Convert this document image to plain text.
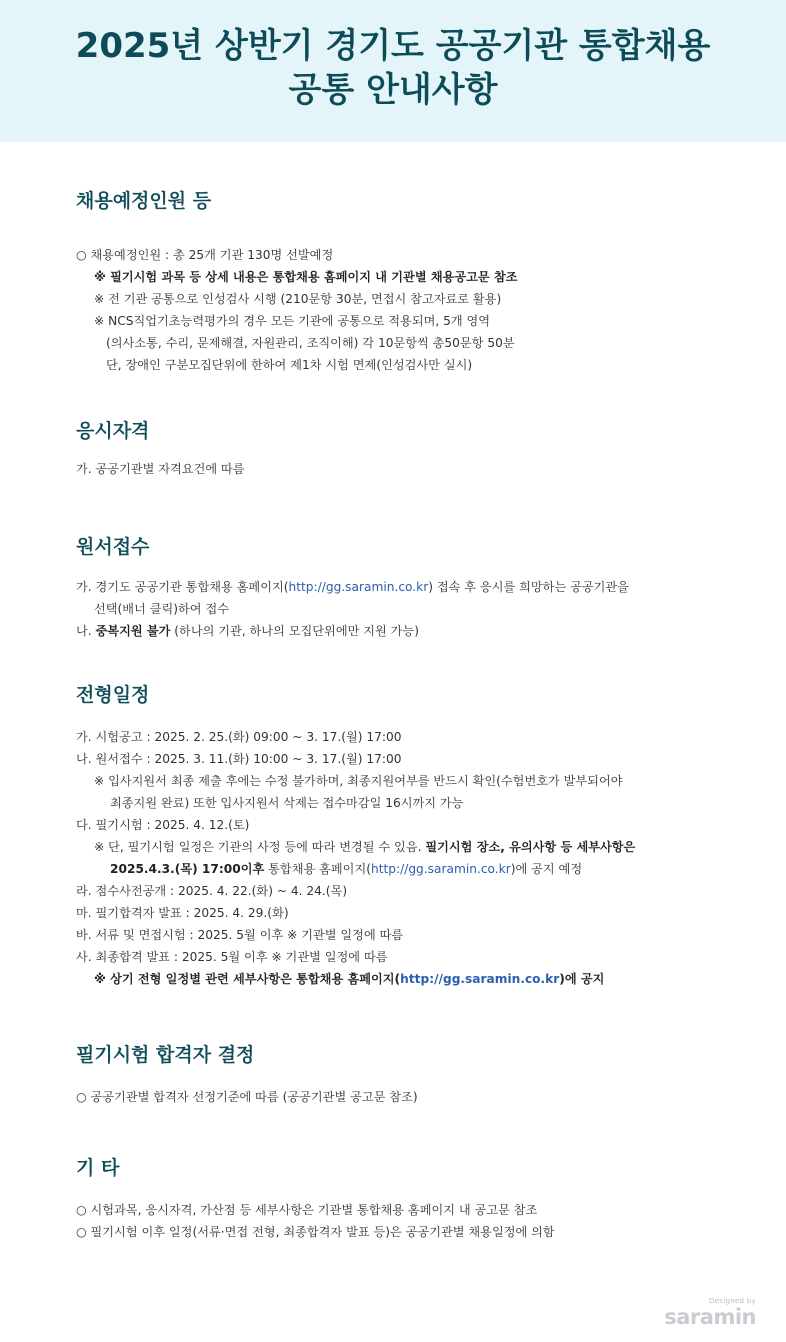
2025년 상반기 경기도 공공기관 통합채용
공통 안내사항
채용예정인원 등
○ 채용예정인원 : 총 25개 기관 130명 선발예정
※ 필기시험 과목 등 상세 내용은 통합채용 홈페이지 내 기관별 채용공고문 참조
※ 전 기관 공통으로 인성검사 시행 (210문항 30분, 면접시 참고자료로 활용)
※ NCS직업기초능력평가의 경우 모든 기관에 공통으로 적용되며, 5개 영역
(의사소통, 수리, 문제해결, 자원관리, 조직이해) 각 10문항씩 총50문항 50분
단, 장애인 구분모집단위에 한하여 제1차 시험 면제(인성검사만 실시)
응시자격
가. 공공기관별 자격요건에 따름
원서접수
가. 경기도 공공기관 통합채용 홈페이지(http://gg.saramin.co.kr) 접속 후 응시를 희망하는 공공기관을
선택(배너 클릭)하여 접수
나. 중복지원 불가 (하나의 기관, 하나의 모집단위에만 지원 가능)
전형일정
가. 시험공고 : 2025. 2. 25.(화) 09:00 ~ 3. 17.(월) 17:00
나. 원서접수 : 2025. 3. 11.(화) 10:00 ~ 3. 17.(월) 17:00
※ 입사지원서 최종 제출 후에는 수정 불가하며, 최종지원여부를 반드시 확인(수험번호가 발부되어야
최종지원 완료) 또한 입사지원서 삭제는 접수마감일 16시까지 가능
다. 필기시험 : 2025. 4. 12.(토)
※ 단, 필기시험 일정은 기관의 사정 등에 따라 변경될 수 있음. 필기시험 장소, 유의사항 등 세부사항은
2025.4.3.(목) 17:00이후 통합채용 홈페이지(http://gg.saramin.co.kr)에 공지 예정
라. 점수사전공개 : 2025. 4. 22.(화) ~ 4. 24.(목)
마. 필기합격자 발표 : 2025. 4. 29.(화)
바. 서류 및 면접시험 : 2025. 5월 이후 ※ 기관별 일정에 따름
사. 최종합격 발표 : 2025. 5월 이후 ※ 기관별 일정에 따름
※ 상기 전형 일정별 관련 세부사항은 통합채용 홈페이지(http://gg.saramin.co.kr)에 공지
필기시험 합격자 결정
○ 공공기관별 합격자 선정기준에 따름 (공공기관별 공고문 참조)
기 타
○ 시험과목, 응시자격, 가산점 등 세부사항은 기관별 통합채용 홈페이지 내 공고문 참조
○ 필기시험 이후 일정(서류·면접 전형, 최종합격자 발표 등)은 공공기관별 채용일정에 의함
Designed by
saramin
